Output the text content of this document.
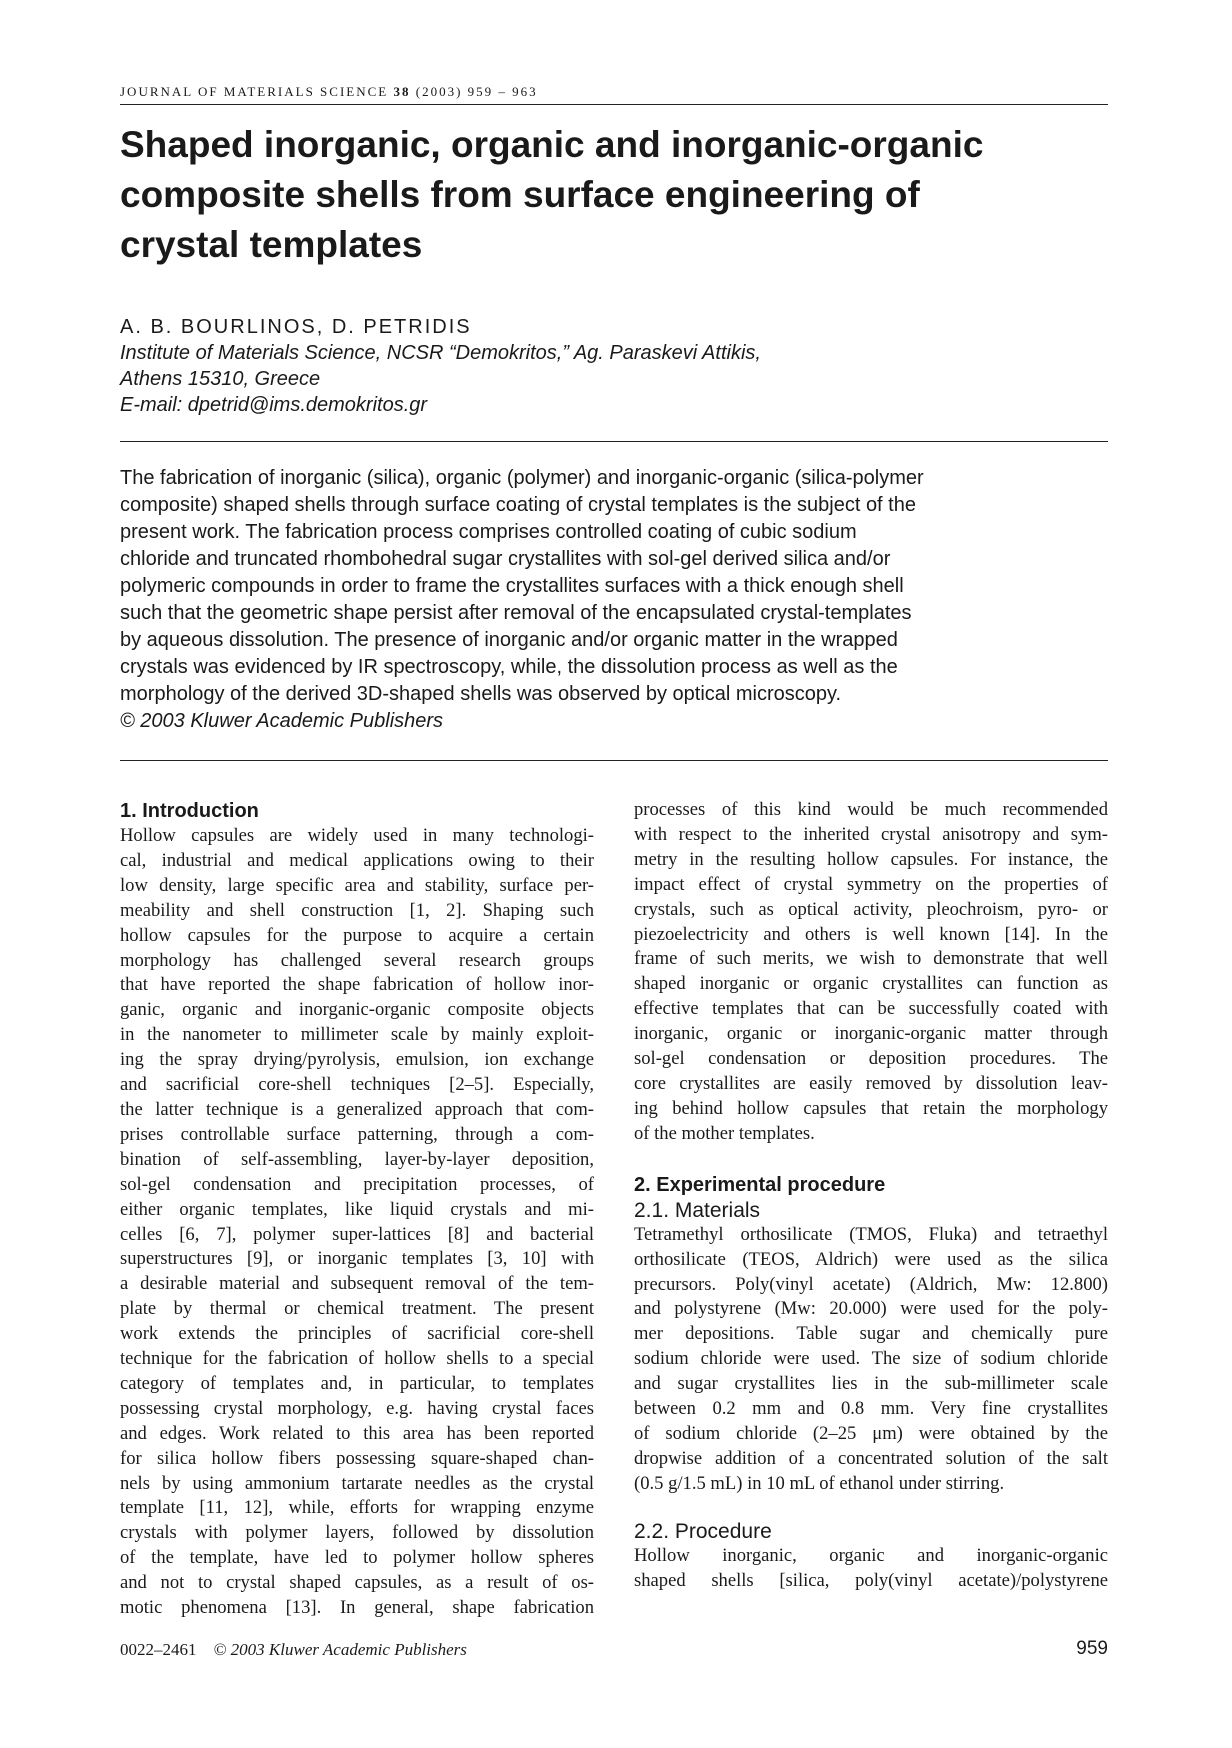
JOURNAL OF MATERIALS SCIENCE 38 (2003) 959 – 963
Shaped inorganic, organic and inorganic-organic
composite shells from surface engineering of
crystal templates
A. B. BOURLINOS, D. PETRIDIS
Institute of Materials Science, NCSR “Demokritos,” Ag. Paraskevi Attikis,
Athens 15310, Greece
E-mail: dpetrid@ims.demokritos.gr
The fabrication of inorganic (silica), organic (polymer) and inorganic-organic (silica-polymer
composite) shaped shells through surface coating of crystal templates is the subject of the
present work. The fabrication process comprises controlled coating of cubic sodium
chloride and truncated rhombohedral sugar crystallites with sol-gel derived silica and/or
polymeric compounds in order to frame the crystallites surfaces with a thick enough shell
such that the geometric shape persist after removal of the encapsulated crystal-templates
by aqueous dissolution. The presence of inorganic and/or organic matter in the wrapped
crystals was evidenced by IR spectroscopy, while, the dissolution process as well as the
morphology of the derived 3D-shaped shells was observed by optical microscopy.
© 2003 Kluwer Academic Publishers
1. Introduction
Hollow capsules are widely used in many technologi-
cal, industrial and medical applications owing to their
low density, large specific area and stability, surface per-
meability and shell construction [1, 2]. Shaping such
hollow capsules for the purpose to acquire a certain
morphology has challenged several research groups
that have reported the shape fabrication of hollow inor-
ganic, organic and inorganic-organic composite objects
in the nanometer to millimeter scale by mainly exploit-
ing the spray drying/pyrolysis, emulsion, ion exchange
and sacrificial core-shell techniques [2–5]. Especially,
the latter technique is a generalized approach that com-
prises controllable surface patterning, through a com-
bination of self-assembling, layer-by-layer deposition,
sol-gel condensation and precipitation processes, of
either organic templates, like liquid crystals and mi-
celles [6, 7], polymer super-lattices [8] and bacterial
superstructures [9], or inorganic templates [3, 10] with
a desirable material and subsequent removal of the tem-
plate by thermal or chemical treatment. The present
work extends the principles of sacrificial core-shell
technique for the fabrication of hollow shells to a special
category of templates and, in particular, to templates
possessing crystal morphology, e.g. having crystal faces
and edges. Work related to this area has been reported
for silica hollow fibers possessing square-shaped chan-
nels by using ammonium tartarate needles as the crystal
template [11, 12], while, efforts for wrapping enzyme
crystals with polymer layers, followed by dissolution
of the template, have led to polymer hollow spheres
and not to crystal shaped capsules, as a result of os-
motic phenomena [13]. In general, shape fabrication
processes of this kind would be much recommended
with respect to the inherited crystal anisotropy and sym-
metry in the resulting hollow capsules. For instance, the
impact effect of crystal symmetry on the properties of
crystals, such as optical activity, pleochroism, pyro- or
piezoelectricity and others is well known [14]. In the
frame of such merits, we wish to demonstrate that well
shaped inorganic or organic crystallites can function as
effective templates that can be successfully coated with
inorganic, organic or inorganic-organic matter through
sol-gel condensation or deposition procedures. The
core crystallites are easily removed by dissolution leav-
ing behind hollow capsules that retain the morphology
of the mother templates.
2. Experimental procedure
2.1. Materials
Tetramethyl orthosilicate (TMOS, Fluka) and tetraethyl
orthosilicate (TEOS, Aldrich) were used as the silica
precursors. Poly(vinyl acetate) (Aldrich, Mw: 12.800)
and polystyrene (Mw: 20.000) were used for the poly-
mer depositions. Table sugar and chemically pure
sodium chloride were used. The size of sodium chloride
and sugar crystallites lies in the sub-millimeter scale
between 0.2 mm and 0.8 mm. Very fine crystallites
of sodium chloride (2–25 μm) were obtained by the
dropwise addition of a concentrated solution of the salt
(0.5 g/1.5 mL) in 10 mL of ethanol under stirring.
2.2. Procedure
Hollow inorganic, organic and inorganic-organic
shaped shells [silica, poly(vinyl acetate)/polystyrene
0022–2461 © 2003 Kluwer Academic Publishers	959
